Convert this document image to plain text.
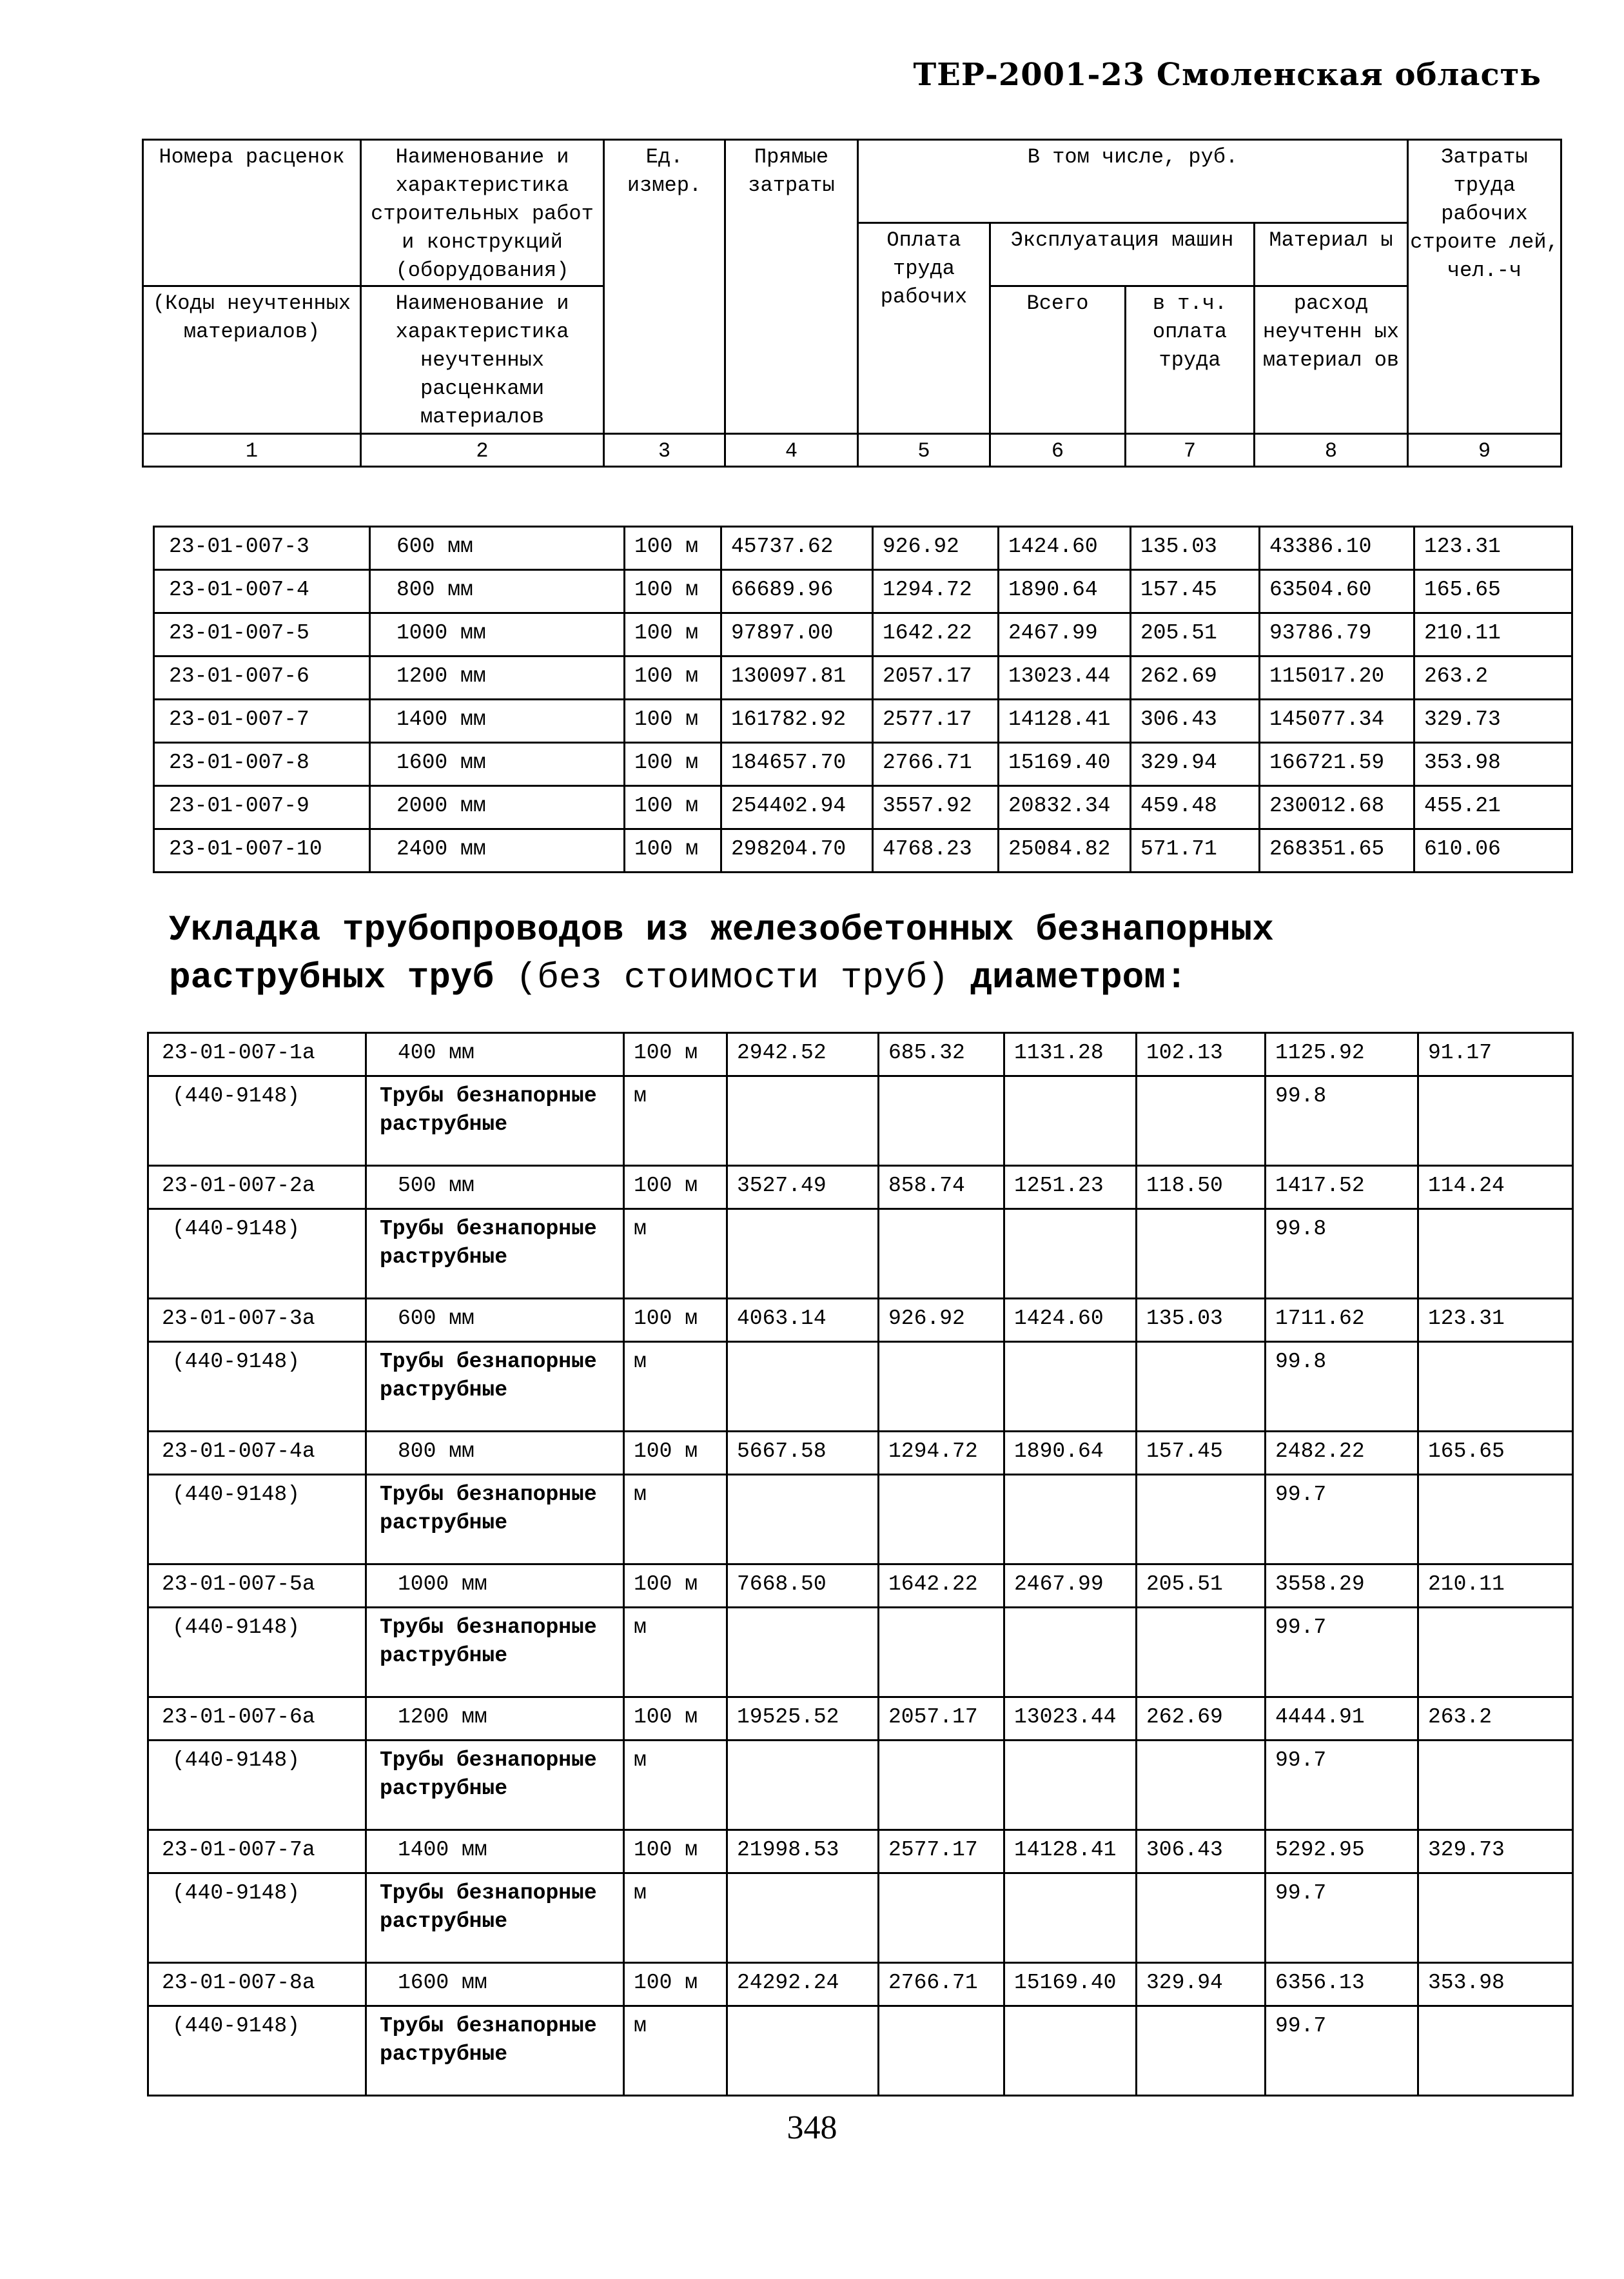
ТЕР-2001-23 Смоленская область
Номера расценок	Наименование и характеристика строительных работ и конструкций (оборудования)	Ед. измер.	Прямые затраты	В том числе, руб.				Затраты труда рабочих строите лей, чел.-ч
				Оплата труда рабочих	Эксплуатация машин		Материал ы	
(Коды неучтенных материалов)	Наименование и характеристика неучтенных расценками материалов				Всего	в т.ч. оплата труда	расход неучтенн ых материал ов	
1	2	3	4	5	6	7	8	9
23-01-007-3	600 мм	100 м	45737.62	926.92	1424.60	135.03	43386.10	123.31
23-01-007-4	800 мм	100 м	66689.96	1294.72	1890.64	157.45	63504.60	165.65
23-01-007-5	1000 мм	100 м	97897.00	1642.22	2467.99	205.51	93786.79	210.11
23-01-007-6	1200 мм	100 м	130097.81	2057.17	13023.44	262.69	115017.20	263.2
23-01-007-7	1400 мм	100 м	161782.92	2577.17	14128.41	306.43	145077.34	329.73
23-01-007-8	1600 мм	100 м	184657.70	2766.71	15169.40	329.94	166721.59	353.98
23-01-007-9	2000 мм	100 м	254402.94	3557.92	20832.34	459.48	230012.68	455.21
23-01-007-10	2400 мм	100 м	298204.70	4768.23	25084.82	571.71	268351.65	610.06
Укладка трубопроводов из железобетонных безнапорных
раструбных труб (без стоимости труб) диаметром:
23-01-007-1а	400 мм	100 м	2942.52	685.32	1131.28	102.13	1125.92	91.17
(440-9148)	Трубы безнапорные раструбные	м					99.8	
23-01-007-2а	500 мм	100 м	3527.49	858.74	1251.23	118.50	1417.52	114.24
(440-9148)	Трубы безнапорные раструбные	м					99.8	
23-01-007-3а	600 мм	100 м	4063.14	926.92	1424.60	135.03	1711.62	123.31
(440-9148)	Трубы безнапорные раструбные	м					99.8	
23-01-007-4а	800 мм	100 м	5667.58	1294.72	1890.64	157.45	2482.22	165.65
(440-9148)	Трубы безнапорные раструбные	м					99.7	
23-01-007-5а	1000 мм	100 м	7668.50	1642.22	2467.99	205.51	3558.29	210.11
(440-9148)	Трубы безнапорные раструбные	м					99.7	
23-01-007-6а	1200 мм	100 м	19525.52	2057.17	13023.44	262.69	4444.91	263.2
(440-9148)	Трубы безнапорные раструбные	м					99.7	
23-01-007-7а	1400 мм	100 м	21998.53	2577.17	14128.41	306.43	5292.95	329.73
(440-9148)	Трубы безнапорные раструбные	м					99.7	
23-01-007-8а	1600 мм	100 м	24292.24	2766.71	15169.40	329.94	6356.13	353.98
(440-9148)	Трубы безнапорные раструбные	м					99.7	
348
